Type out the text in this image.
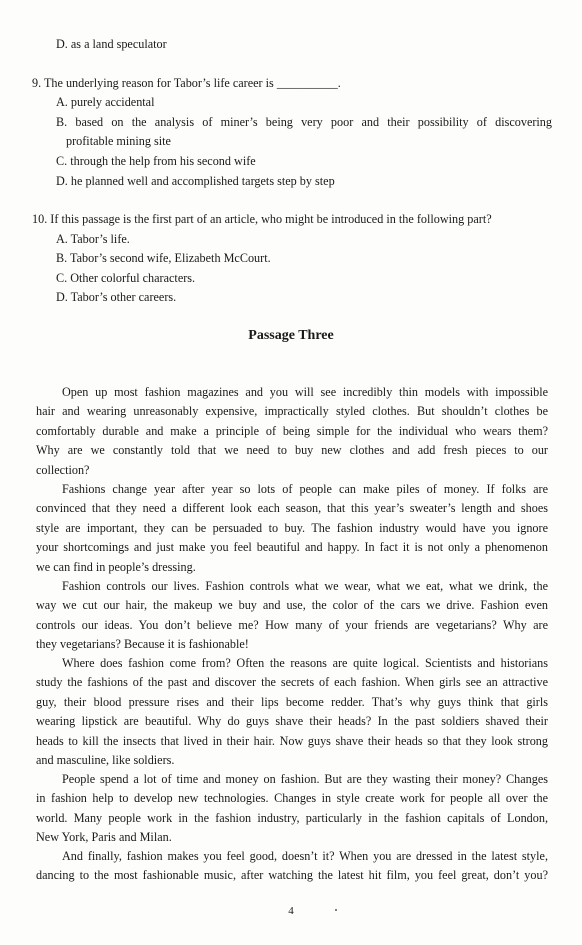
D. as a land speculator
9. The underlying reason for Tabor’s life career is __________.
A. purely accidental
B. based on the analysis of miner’s being very poor and their possibility of discovering
profitable mining site
C. through the help from his second wife
D. he planned well and accomplished targets step by step
10. If this passage is the first part of an article, who might be introduced in the following part?
A. Tabor’s life.
B. Tabor’s second wife, Elizabeth McCourt.
C. Other colorful characters.
D. Tabor’s other careers.
Passage Three
Open up most fashion magazines and you will see incredibly thin models with impossible
hair and wearing unreasonably expensive, impractically styled clothes. But shouldn’t clothes be
comfortably durable and make a principle of being simple for the individual who wears them?
Why are we constantly told that we need to buy new clothes and add fresh pieces to our
collection?
Fashions change year after year so lots of people can make piles of money. If folks are
convinced that they need a different look each season, that this year’s sweater’s length and shoes
style are important, they can be persuaded to buy. The fashion industry would have you ignore
your shortcomings and just make you feel beautiful and happy. In fact it is not only a phenomenon
we can find in people’s dressing.
Fashion controls our lives. Fashion controls what we wear, what we eat, what we drink, the
way we cut our hair, the makeup we buy and use, the color of the cars we drive. Fashion even
controls our ideas. You don’t believe me? How many of your friends are vegetarians? Why are
they vegetarians? Because it is fashionable!
Where does fashion come from? Often the reasons are quite logical. Scientists and historians
study the fashions of the past and discover the secrets of each fashion. When girls see an attractive
guy, their blood pressure rises and their lips become redder. That’s why guys think that girls
wearing lipstick are beautiful. Why do guys shave their heads? In the past soldiers shaved their
heads to kill the insects that lived in their hair. Now guys shave their heads so that they look strong
and masculine, like soldiers.
People spend a lot of time and money on fashion. But are they wasting their money? Changes
in fashion help to develop new technologies. Changes in style create work for people all over the
world. Many people work in the fashion industry, particularly in the fashion capitals of London,
New York, Paris and Milan.
And finally, fashion makes you feel good, doesn’t it? When you are dressed in the latest style,
dancing to the most fashionable music, after watching the latest hit film, you feel great, don’t you?
4
